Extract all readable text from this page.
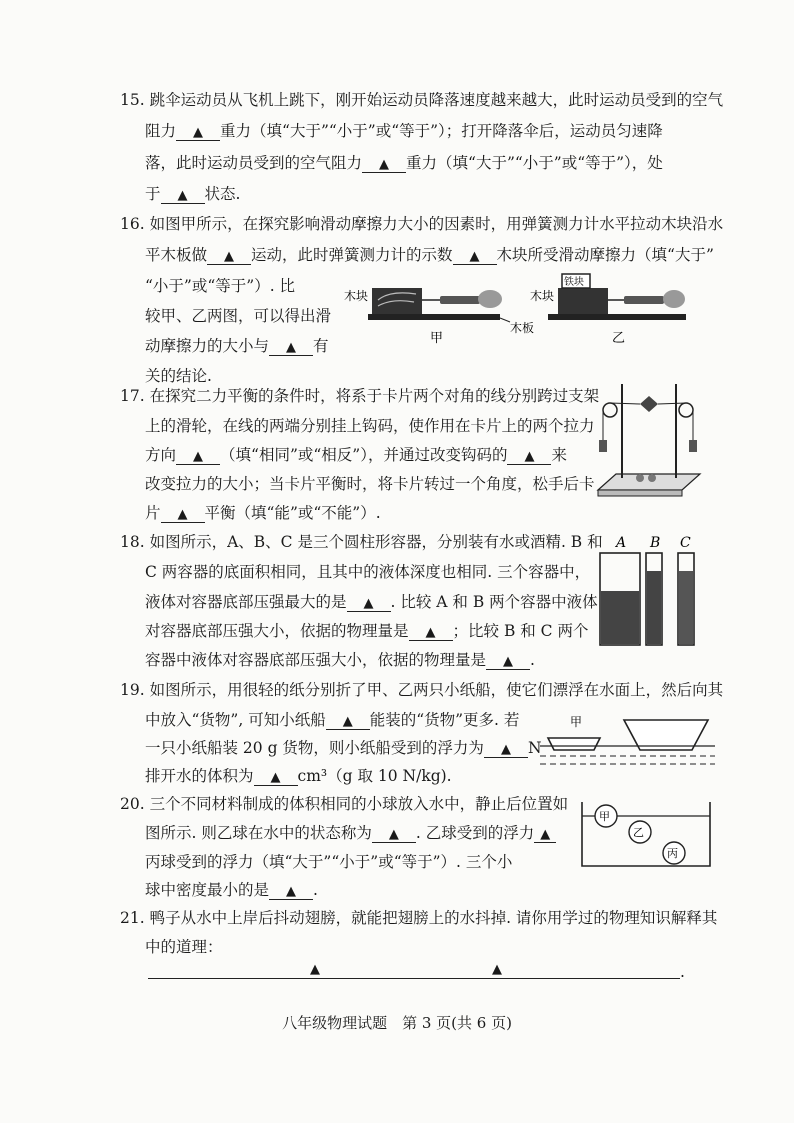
15. 跳伞运动员从飞机上跳下，刚开始运动员降落速度越来越大，此时运动员受到的空气
阻力 ▲ 重力（填“大于”“小于”或“等于”）；打开降落伞后，运动员匀速降
落，此时运动员受到的空气阻力 ▲ 重力（填“大于”“小于”或“等于”），处
于 ▲ 状态.
16. 如图甲所示，在探究影响滑动摩擦力大小的因素时，用弹簧测力计水平拉动木块沿水
平木板做 ▲ 运动，此时弹簧测力计的示数 ▲ 木块所受滑动摩擦力（填“大于”
“小于”或“等于”）. 比
较甲、乙两图，可以得出滑
动摩擦力的大小与 ▲ 有
关的结论.
木块
甲
铁块
木块
木板
乙
17. 在探究二力平衡的条件时，将系于卡片两个对角的线分别跨过支架
上的滑轮，在线的两端分别挂上钩码，使作用在卡片上的两个拉力
方向 ▲ （填“相同”或“相反”），并通过改变钩码的 ▲ 来
改变拉力的大小；当卡片平衡时，将卡片转过一个角度，松手后卡
片 ▲ 平衡（填“能”或“不能”）.
18. 如图所示，A、B、C 是三个圆柱形容器，分别装有水或酒精. B 和
C 两容器的底面积相同，且其中的液体深度也相同. 三个容器中，
液体对容器底部压强最大的是 ▲ . 比较 A 和 B 两个容器中液体
对容器底部压强大小，依据的物理量是 ▲ ；比较 B 和 C 两个
容器中液体对容器底部压强大小，依据的物理量是 ▲ .
A B C
19. 如图所示，用很轻的纸分别折了甲、乙两只小纸船，使它们漂浮在水面上，然后向其
中放入“货物”, 可知小纸船 ▲ 能装的“货物”更多. 若
一只小纸船装 20 g 货物，则小纸船受到的浮力为 ▲ N
排开水的体积为 ▲ cm³（g 取 10 N/kg).
甲
20. 三个不同材料制成的体积相同的小球放入水中，静止后位置如
图所示. 则乙球在水中的状态称为 ▲ . 乙球受到的浮力 ▲
丙球受到的浮力（填“大于”“小于”或“等于”）. 三个小
球中密度最小的是 ▲ .
甲
乙
丙
21. 鸭子从水中上岸后抖动翅膀，就能把翅膀上的水抖掉. 请你用学过的物理知识解释其
中的道理：
▲	▲	.
八年级物理试题　第 3 页(共 6 页)
